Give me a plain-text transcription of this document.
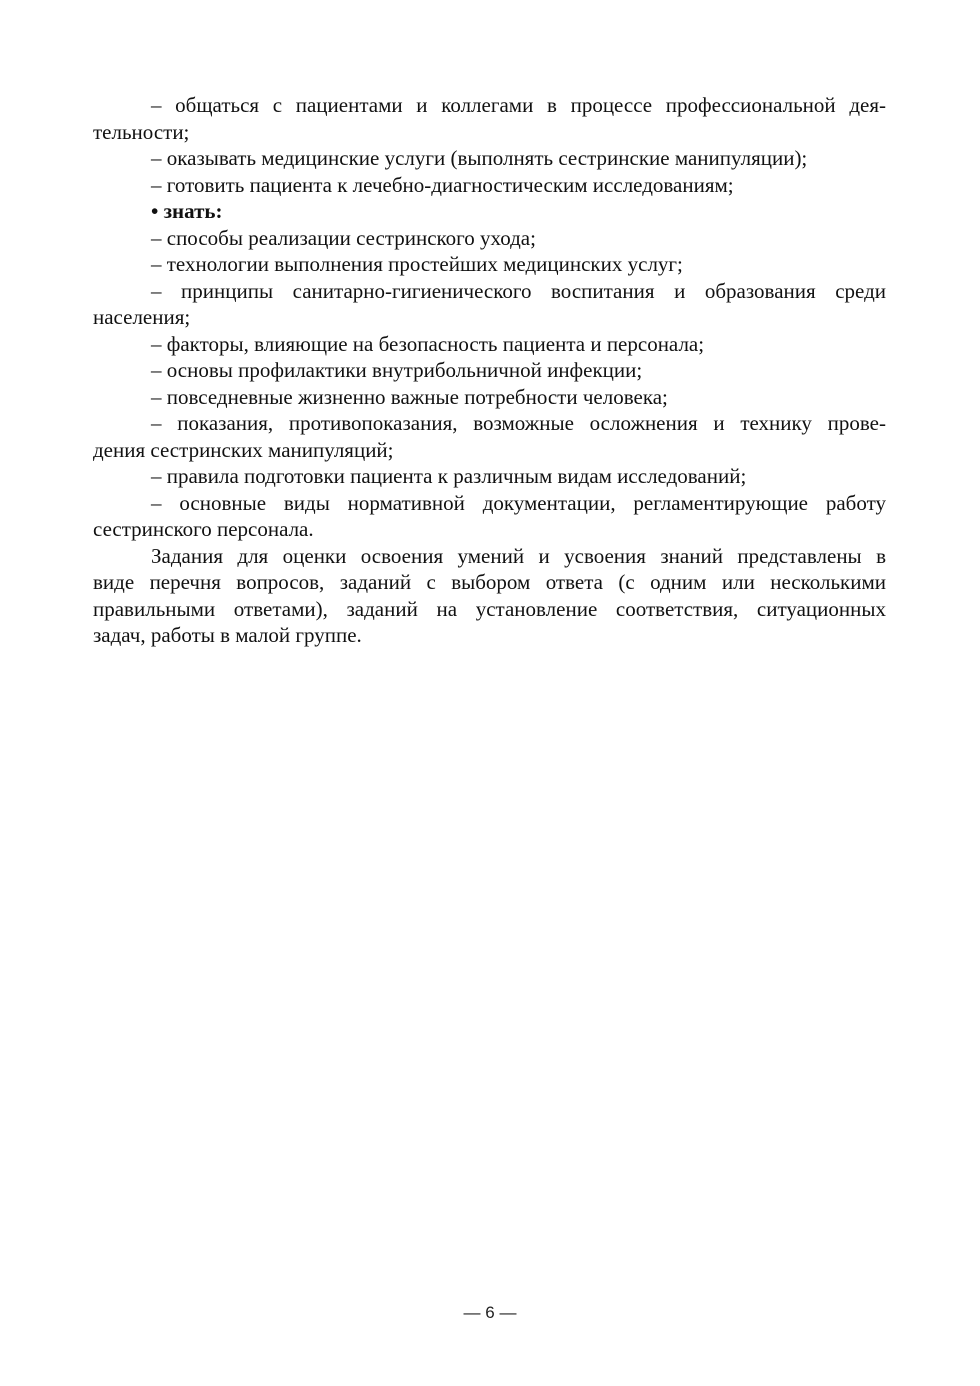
– общаться с пациентами и коллегами в процессе профессиональной дея-
тельности;
– оказывать медицинские услуги (выполнять сестринские манипуляции);
– готовить пациента к лечебно-диагностическим исследованиям;
• знать:
– способы реализации сестринского ухода;
– технологии выполнения простейших медицинских услуг;
– принципы санитарно-гигиенического воспитания и образования среди
населения;
– факторы, влияющие на безопасность пациента и персонала;
– основы профилактики внутрибольничной инфекции;
– повседневные жизненно важные потребности человека;
– показания, противопоказания, возможные осложнения и технику прове-
дения сестринских манипуляций;
– правила подготовки пациента к различным видам исследований;
– основные виды нормативной документации, регламентирующие работу
сестринского персонала.
Задания для оценки освоения умений и усвоения знаний представлены в
виде перечня вопросов, заданий с выбором ответа (с одним или несколькими
правильными ответами), заданий на установление соответствия, ситуационных
задач, работы в малой группе.
— 6 —
